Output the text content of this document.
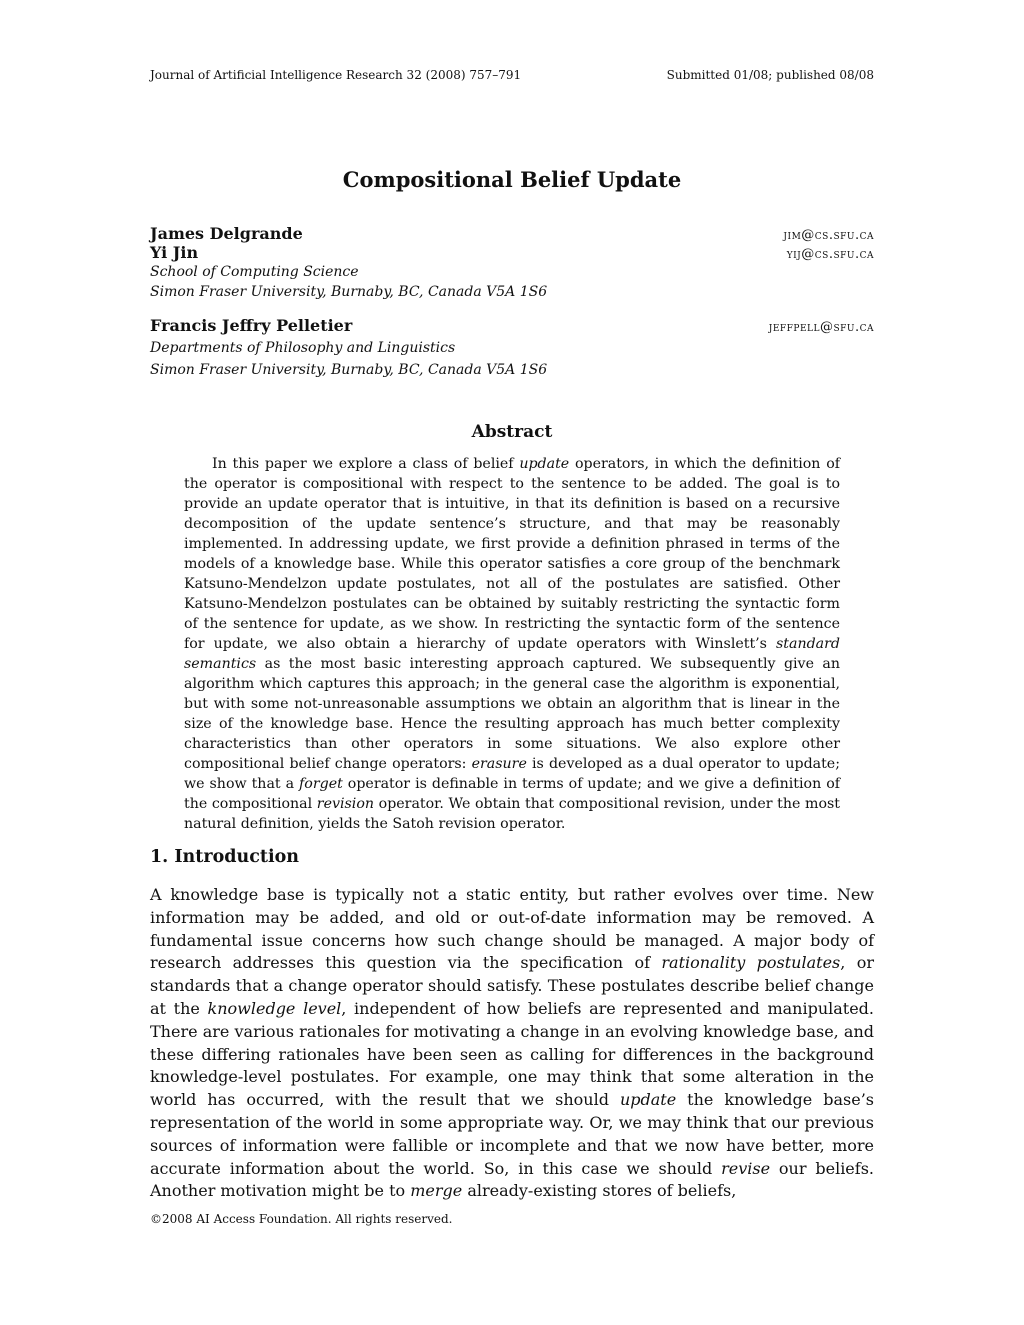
Journal of Artificial Intelligence Research 32 (2008) 757–791	Submitted 01/08; published 08/08
Compositional Belief Update
James Delgrande	jim@cs.sfu.ca
Yi Jin	yij@cs.sfu.ca
School of Computing Science
Simon Fraser University, Burnaby, BC, Canada V5A 1S6
Francis Jeffry Pelletier	jeffpell@sfu.ca
Departments of Philosophy and Linguistics
Simon Fraser University, Burnaby, BC, Canada V5A 1S6
Abstract

In this paper we explore a class of belief update operators, in which the definition of the operator is compositional with respect to the sentence to be added. The goal is to provide an update operator that is intuitive, in that its definition is based on a recursive decomposition of the update sentence’s structure, and that may be reasonably implemented. In addressing update, we first provide a definition phrased in terms of the models of a knowledge base. While this operator satisfies a core group of the benchmark Katsuno-Mendelzon update postulates, not all of the postulates are satisfied. Other Katsuno-Mendelzon postulates can be obtained by suitably restricting the syntactic form of the sentence for update, as we show. In restricting the syntactic form of the sentence for update, we also obtain a hierarchy of update operators with Winslett’s standard semantics as the most basic interesting approach captured. We subsequently give an algorithm which captures this approach; in the general case the algorithm is exponential, but with some not-unreasonable assumptions we obtain an algorithm that is linear in the size of the knowledge base. Hence the resulting approach has much better complexity characteristics than other operators in some situations. We also explore other compositional belief change operators: erasure is developed as a dual operator to update; we show that a forget operator is definable in terms of update; and we give a definition of the compositional revision operator. We obtain that compositional revision, under the most natural definition, yields the Satoh revision operator.

1. Introduction

A knowledge base is typically not a static entity, but rather evolves over time. New information may be added, and old or out-of-date information may be removed. A fundamental issue concerns how such change should be managed. A major body of research addresses this question via the specification of rationality postulates, or standards that a change operator should satisfy. These postulates describe belief change at the knowledge level, independent of how beliefs are represented and manipulated. There are various rationales for motivating a change in an evolving knowledge base, and these differing rationales have been seen as calling for differences in the background knowledge-level postulates. For example, one may think that some alteration in the world has occurred, with the result that we should update the knowledge base’s representation of the world in some appropriate way. Or, we may think that our previous sources of information were fallible or incomplete and that we now have better, more accurate information about the world. So, in this case we should revise our beliefs. Another motivation might be to merge already-existing stores of beliefs,

©2008 AI Access Foundation. All rights reserved.
